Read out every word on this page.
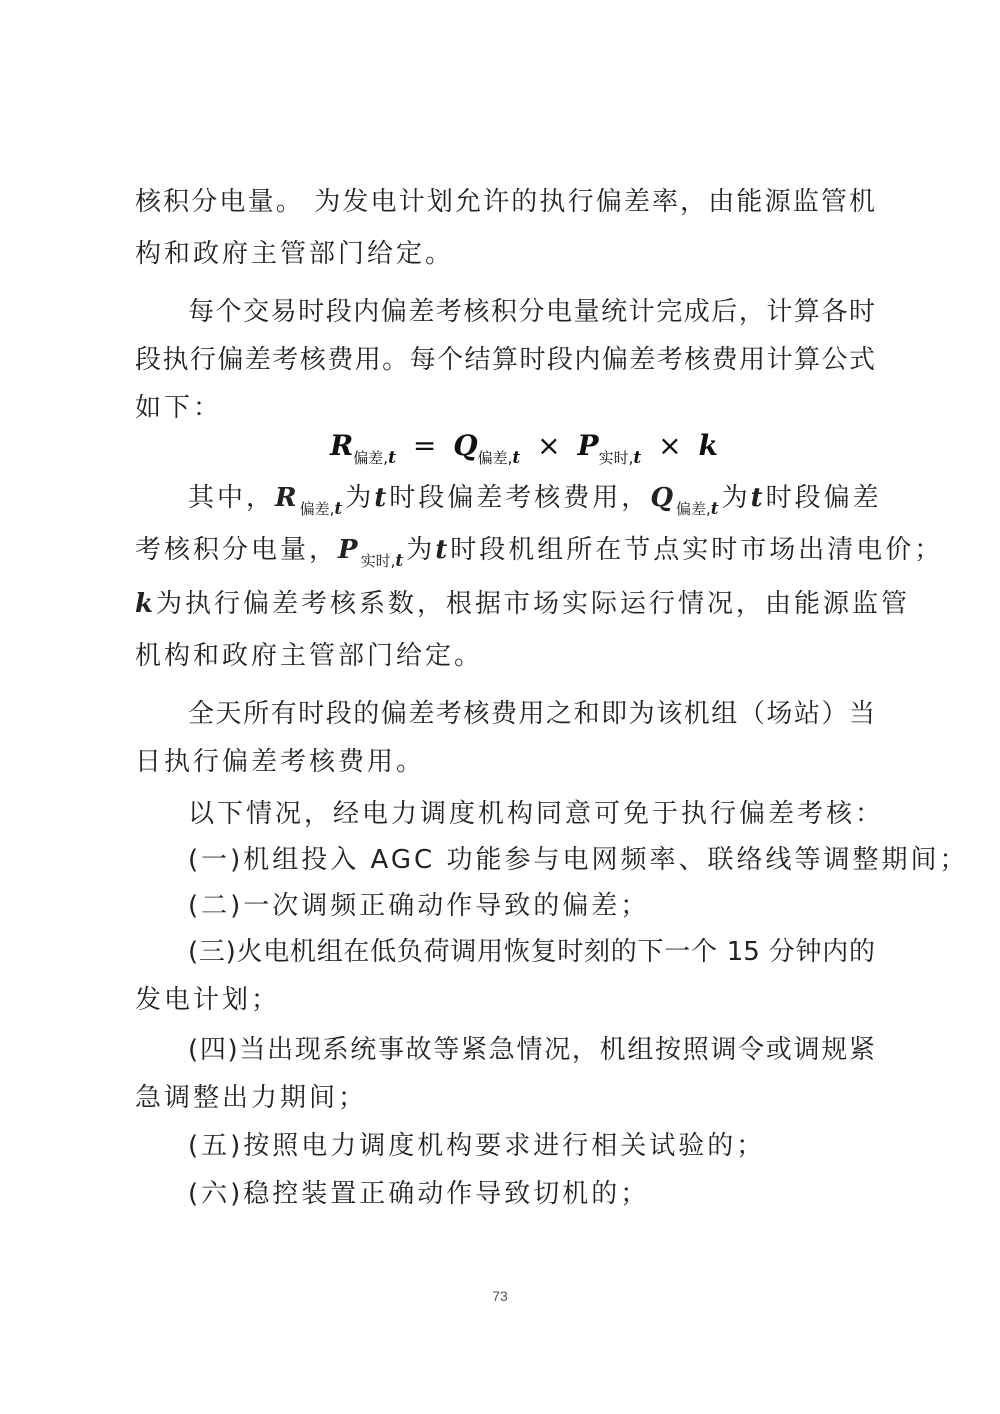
核积分电量。 为发电计划允许的执行偏差率，由能源监管机
构和政府主管部门给定。
每个交易时段内偏差考核积分电量统计完成后，计算各时
段执行偏差考核费用。每个结算时段内偏差考核费用计算公式
如下：
$R_{偏差,t} = Q_{偏差,t} \times P_{实时,t} \times k$
其中，$R_{偏差,t}$为t时段偏差考核费用，$Q_{偏差,t}$为t时段偏差
考核积分电量，$P_{实时,t}$为t时段机组所在节点实时市场出清电价；
k为执行偏差考核系数，根据市场实际运行情况，由能源监管
机构和政府主管部门给定。
全天所有时段的偏差考核费用之和即为该机组（场站）当
日执行偏差考核费用。
以下情况，经电力调度机构同意可免于执行偏差考核：
(一)机组投入 AGC 功能参与电网频率、联络线等调整期间；
(二)一次调频正确动作导致的偏差；
(三)火电机组在低负荷调用恢复时刻的下一个 15 分钟内的
发电计划；
(四)当出现系统事故等紧急情况，机组按照调令或调规紧
急调整出力期间；
(五)按照电力调度机构要求进行相关试验的；
(六)稳控装置正确动作导致切机的；
73
